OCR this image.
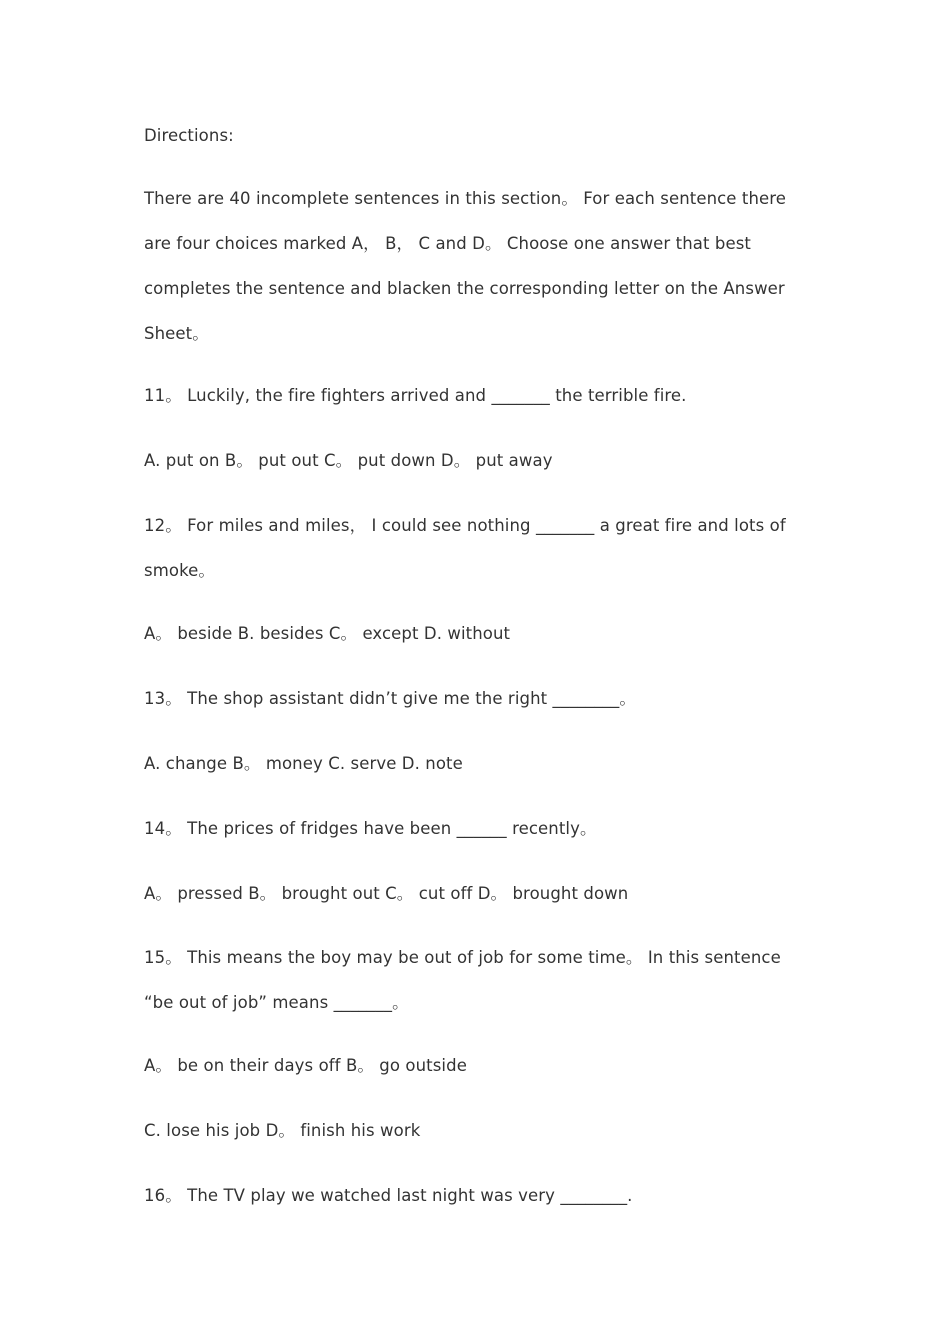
Directions:
There are 40 incomplete sentences in this section。 For each sentence there
are four choices marked A， B， C and D。 Choose one answer that best
completes the sentence and blacken the corresponding letter on the Answer
Sheet。
11。 Luckily, the fire fighters arrived and _______ the terrible fire.
A. put on B。 put out C。 put down D。 put away
12。 For miles and miles， I could see nothing _______ a great fire and lots of
smoke。
A。 beside B. besides C。 except D. without
13。 The shop assistant didn’t give me the right ________。
A. change B。 money C. serve D. note
14。 The prices of fridges have been ______ recently。
A。 pressed B。 brought out C。 cut off D。 brought down
15。 This means the boy may be out of job for some time。 In this sentence
“be out of job” means _______。
A。 be on their days off B。 go outside
C. lose his job D。 finish his work
16。 The TV play we watched last night was very ________.
